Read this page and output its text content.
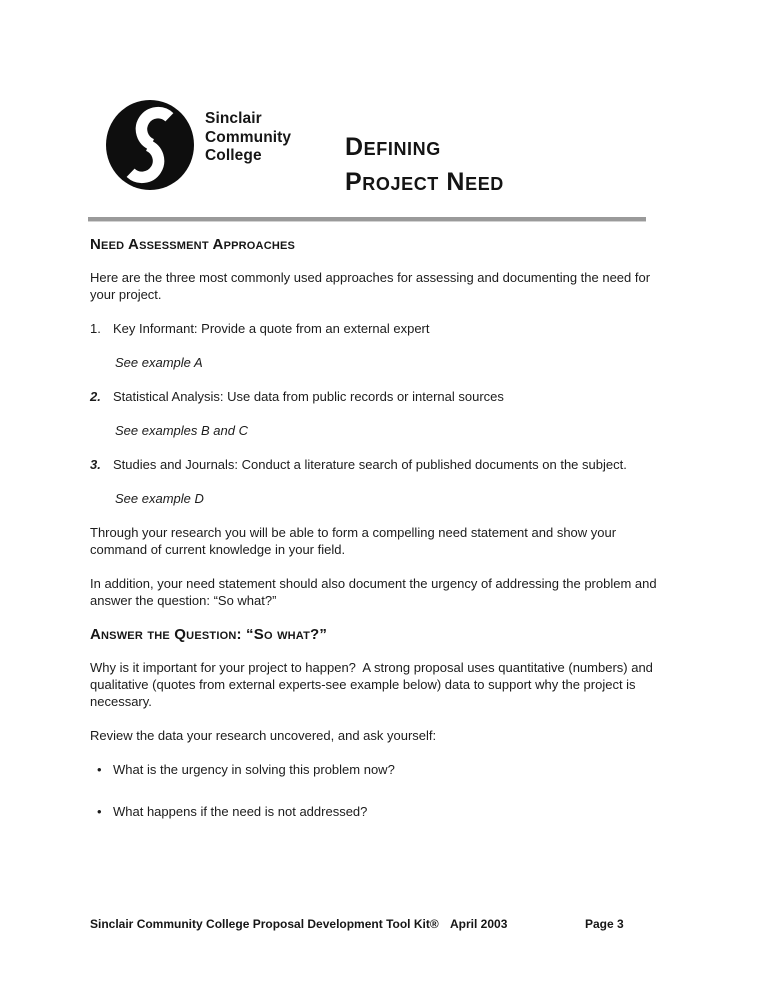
Sinclair
Community
College	Defining
Project Need
Need Assessment Approaches

Here are the three most commonly used approaches for assessing and documenting the need for your project.

1. Key Informant: Provide a quote from an external expert
See example A
2. Statistical Analysis: Use data from public records or internal sources
See examples B and C
3. Studies and Journals: Conduct a literature search of published documents on the subject.
See example D

Through your research you will be able to form a compelling need statement and show your command of current knowledge in your field.

In addition, your need statement should also document the urgency of addressing the problem and answer the question: “So what?”

Answer the Question: “So what?”

Why is it important for your project to happen?  A strong proposal uses quantitative (numbers) and qualitative (quotes from external experts-see example below) data to support why the project is necessary.

Review the data your research uncovered, and ask yourself:

• What is the urgency in solving this problem now?
• What happens if the need is not addressed?
Sinclair Community College Proposal Development Tool Kit® April 2003	Page 3
